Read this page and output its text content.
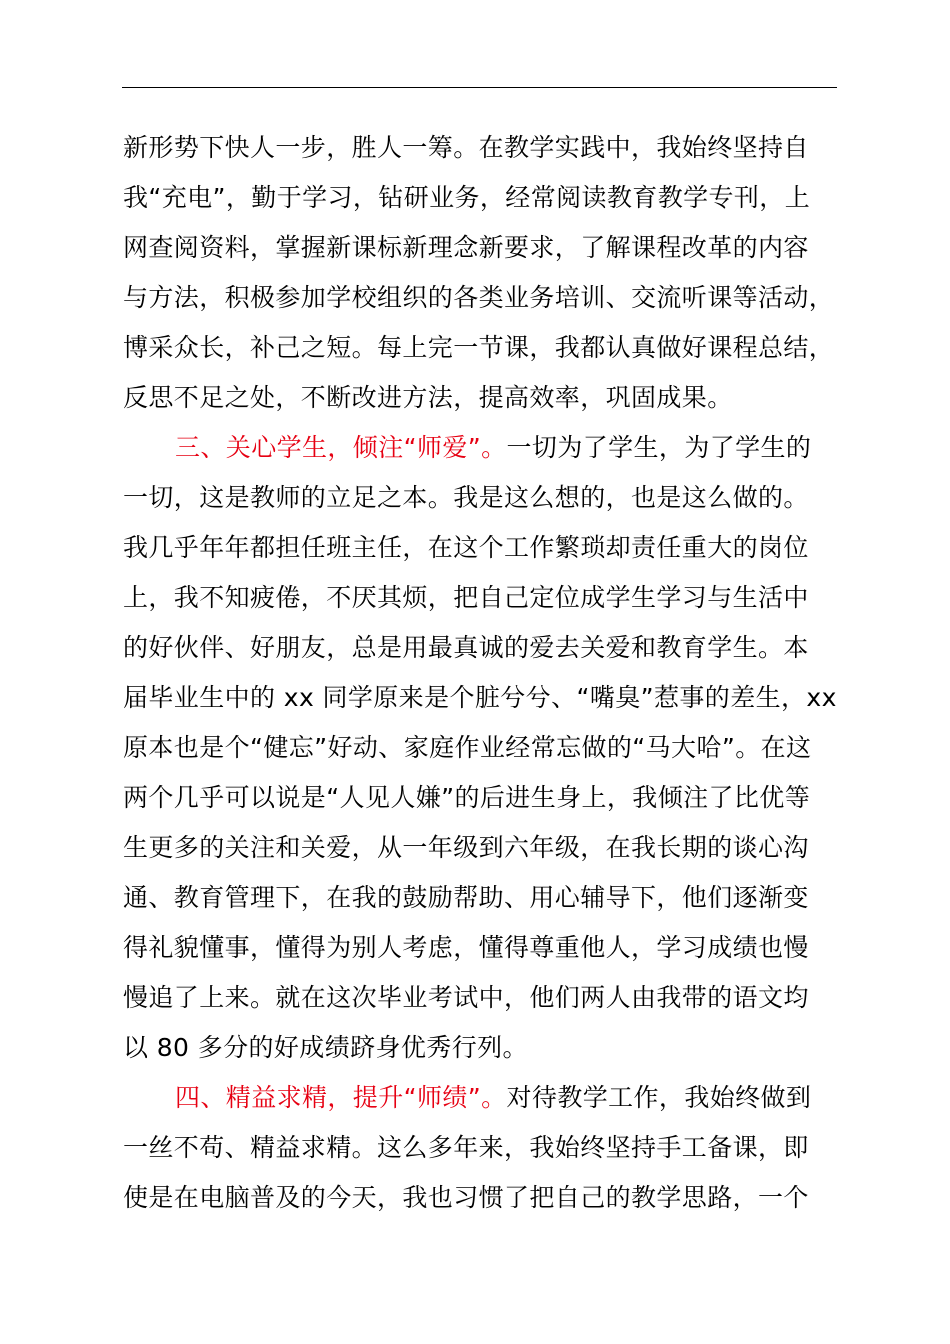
新形势下快人一步，胜人一筹。在教学实践中，我始终坚持自
我“充电”，勤于学习，钻研业务，经常阅读教育教学专刊，上
网查阅资料，掌握新课标新理念新要求，了解课程改革的内容
与方法，积极参加学校组织的各类业务培训、交流听课等活动，
博采众长，补己之短。每上完一节课，我都认真做好课程总结，
反思不足之处，不断改进方法，提高效率，巩固成果。
三、关心学生，倾注“师爱”。一切为了学生，为了学生的
一切，这是教师的立足之本。我是这么想的，也是这么做的。
我几乎年年都担任班主任，在这个工作繁琐却责任重大的岗位
上，我不知疲倦，不厌其烦，把自己定位成学生学习与生活中
的好伙伴、好朋友，总是用最真诚的爱去关爱和教育学生。本
届毕业生中的 xx 同学原来是个脏兮兮、“嘴臭”惹事的差生，xx
原本也是个“健忘”好动、家庭作业经常忘做的“马大哈”。在这
两个几乎可以说是“人见人嫌”的后进生身上，我倾注了比优等
生更多的关注和关爱，从一年级到六年级，在我长期的谈心沟
通、教育管理下，在我的鼓励帮助、用心辅导下，他们逐渐变
得礼貌懂事，懂得为别人考虑，懂得尊重他人，学习成绩也慢
慢追了上来。就在这次毕业考试中，他们两人由我带的语文均
以 80 多分的好成绩跻身优秀行列。
四、精益求精，提升“师绩”。对待教学工作，我始终做到
一丝不苟、精益求精。这么多年来，我始终坚持手工备课，即
使是在电脑普及的今天，我也习惯了把自己的教学思路，一个
